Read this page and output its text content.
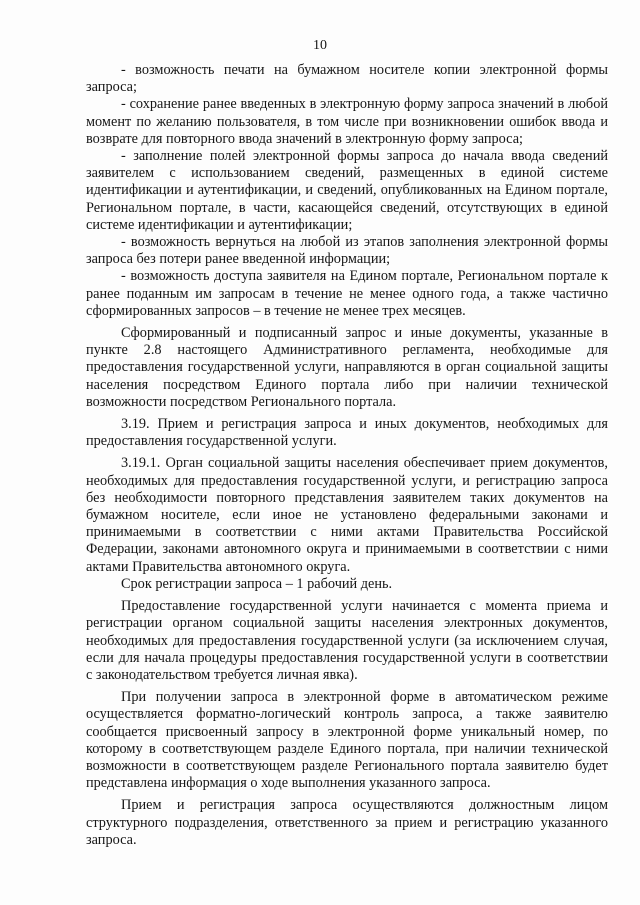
10

- возможность печати на бумажном носителе копии электронной формы запроса;

- сохранение ранее введенных в электронную форму запроса значений в любой момент по желанию пользователя, в том числе при возникновении ошибок ввода и возврате для повторного ввода значений в электронную форму запроса;

- заполнение полей электронной формы запроса до начала ввода сведений заявителем с использованием сведений, размещенных в единой системе идентификации и аутентификации, и сведений, опубликованных на Едином портале, Региональном портале, в части, касающейся сведений, отсутствующих в единой системе идентификации и аутентификации;

- возможность вернуться на любой из этапов заполнения электронной формы запроса без потери ранее введенной информации;

- возможность доступа заявителя на Едином портале, Региональном портале к ранее поданным им запросам в течение не менее одного года, а также частично сформированных запросов – в течение не менее трех месяцев.

Сформированный и подписанный запрос и иные документы, указанные в пункте 2.8 настоящего Административного регламента, необходимые для предоставления государственной услуги, направляются в орган социальной защиты населения посредством Единого портала либо при наличии технической возможности посредством Регионального портала.

3.19. Прием и регистрация запроса и иных документов, необходимых для предоставления государственной услуги.

3.19.1. Орган социальной защиты населения обеспечивает прием документов, необходимых для предоставления государственной услуги, и регистрацию запроса без необходимости повторного представления заявителем таких документов на бумажном носителе, если иное не установлено федеральными законами и принимаемыми в соответствии с ними актами Правительства Российской Федерации, законами автономного округа и принимаемыми в соответствии с ними актами Правительства автономного округа.

Срок регистрации запроса – 1 рабочий день.

Предоставление государственной услуги начинается с момента приема и регистрации органом социальной защиты населения электронных документов, необходимых для предоставления государственной услуги (за исключением случая, если для начала процедуры предоставления государственной услуги в соответствии с законодательством требуется личная явка).

При получении запроса в электронной форме в автоматическом режиме осуществляется форматно-логический контроль запроса, а также заявителю сообщается присвоенный запросу в электронной форме уникальный номер, по которому в соответствующем разделе Единого портала, при наличии технической возможности в соответствующем разделе Регионального портала заявителю будет представлена информация о ходе выполнения указанного запроса.

Прием и регистрация запроса осуществляются должностным лицом структурного подразделения, ответственного за прием и регистрацию указанного запроса.
